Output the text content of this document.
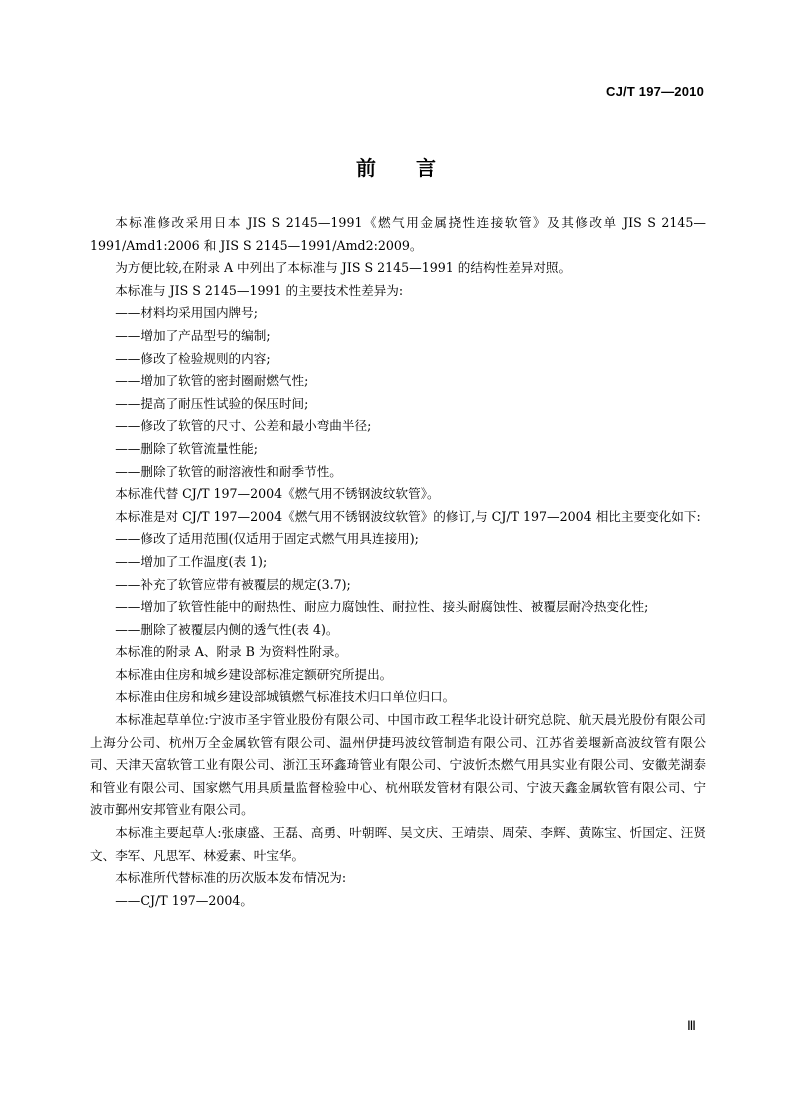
CJ/T 197—2010
前　　言

本标准修改采用日本 JIS S 2145—1991《燃气用金属挠性连接软管》及其修改单 JIS S 2145—1991/Amd1:2006 和 JIS S 2145—1991/Amd2:2009。

为方便比较,在附录 A 中列出了本标准与 JIS S 2145—1991 的结构性差异对照。

本标准与 JIS S 2145—1991 的主要技术性差异为:

——材料均采用国内牌号;

——增加了产品型号的编制;

——修改了检验规则的内容;

——增加了软管的密封圈耐燃气性;

——提高了耐压性试验的保压时间;

——修改了软管的尺寸、公差和最小弯曲半径;

——删除了软管流量性能;

——删除了软管的耐溶液性和耐季节性。

本标准代替 CJ/T 197—2004《燃气用不锈钢波纹软管》。

本标准是对 CJ/T 197—2004《燃气用不锈钢波纹软管》的修订,与 CJ/T 197—2004 相比主要变化如下:

——修改了适用范围(仅适用于固定式燃气用具连接用);

——增加了工作温度(表 1);

——补充了软管应带有被覆层的规定(3.7);

——增加了软管性能中的耐热性、耐应力腐蚀性、耐拉性、接头耐腐蚀性、被覆层耐冷热变化性;

——删除了被覆层内侧的透气性(表 4)。

本标准的附录 A、附录 B 为资料性附录。

本标准由住房和城乡建设部标准定额研究所提出。

本标准由住房和城乡建设部城镇燃气标准技术归口单位归口。

本标准起草单位:宁波市圣宇管业股份有限公司、中国市政工程华北设计研究总院、航天晨光股份有限公司上海分公司、杭州万全金属软管有限公司、温州伊捷玛波纹管制造有限公司、江苏省姜堰新高波纹管有限公司、天津天富软管工业有限公司、浙江玉环鑫琦管业有限公司、宁波忻杰燃气用具实业有限公司、安徽芜湖泰和管业有限公司、国家燃气用具质量监督检验中心、杭州联发管材有限公司、宁波天鑫金属软管有限公司、宁波市鄞州安邦管业有限公司。

本标准主要起草人:张康盛、王磊、高勇、叶朝晖、吴文庆、王靖崇、周荣、李辉、黄陈宝、忻国定、汪贤文、李军、凡思军、林爱素、叶宝华。

本标准所代替标准的历次版本发布情况为:

——CJ/T 197—2004。

Ⅲ
